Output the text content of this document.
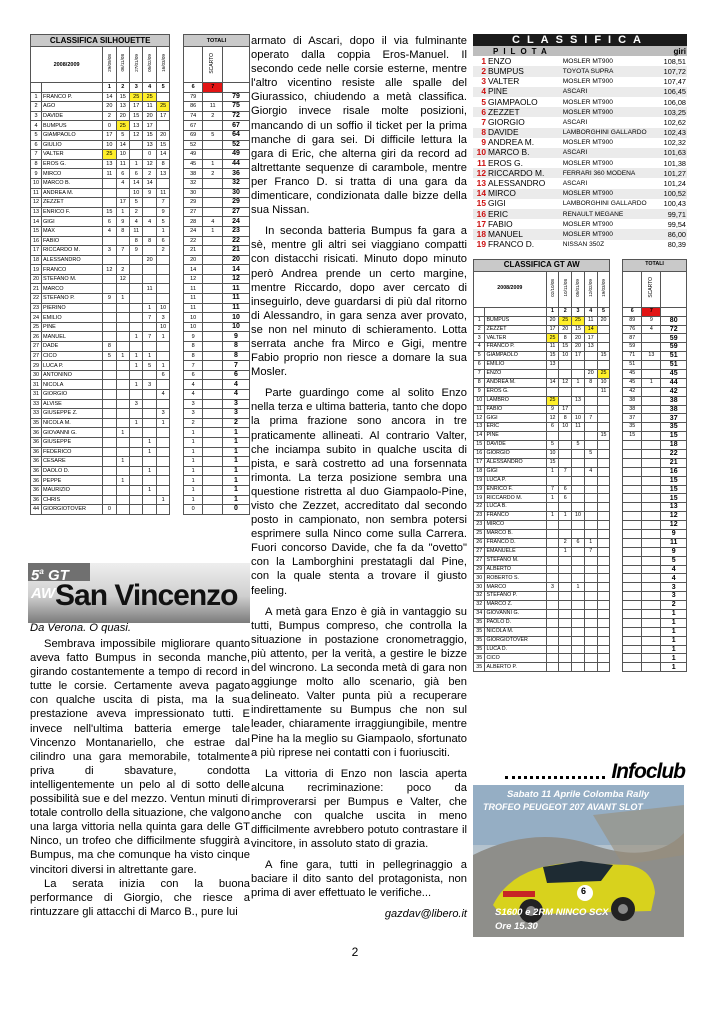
CLASSIFICA SILHOUETTE								TOTALI		
2008/2009		29/09/08	06/11/08	27/01/09	05/02/09	16/03/09			SCARTO	

	1	2	3	4	5		6	7	
1	FRANCO P.	14	15	25	25			79		79
2	AGO	20	13	17	11	25		86	11	75
3	DAVIDE	2	20	15	20	17		74	2	72
4	BUMPUS	0	25	13	17			67		67
5	GIAMPAOLO	17	5	12	15	20		69	5	64
6	GIULIO	10	14		13	15		52		52
7	VALTER	25	10		0	14		49		49
8	EROS G.	13	11	1	12	8		45	1	44
9	MIRCO	11	6	6	2	13		38	2	36
10	MARCO B.		4	14	14			32		32
11	ANDREA M.			10	9	11		30		30
12	ZEZZET		17	5		7		29		29
13	ENRICO F.	15	1	2		9		27		27
14	GIGI	6	9	4	4	5		28	4	24
15	MAX	4	8	11		1		24	1	23
16	FABIO			8	8	6		22		22
17	RICCARDO M.	3	7	9		2		21		21
18	ALESSANDRO				20			20		20
19	FRANCO	12	2					14		14
20	STEFANO M.		12					12		12
21	MARCO				11			11		11
22	STEFANO P.	9	1					11		11
23	PIERINO				1	10		11		11
24	EMILIO				7	3		10		10
25	PINE					10		10		10
26	MANUEL			1	7	1		9		9
27	DADE	8						8		8
27	CICO	5	1	1	1			8		8
29	LUCA P.			1	5	1		7		7
30	ANTONINO					6		6		6
31	NICOLA			1	3			4		4
31	GIORGIO					4		4		4
33	ALVISE			3				3		3
33	GIUSEPPE Z.					3		3		3
35	NICOLA M.			1		1		2		2
36	GIOVANNI G.		1					1		1
36	GIUSEPPE				1			1		1
36	FEDERICO				1			1		1
36	CESARE		1					1		1
36	DAOLO D.				1			1		1
36	PEPPE		1					1		1
36	MAURIZIO				1			1		1
36	CHRIS					1		1		1
44	GIORGIOTOVER	0						0		0
5$^a$ GT AW San Vincenzo
Da Verona. O quasi.

Sembrava impossibile migliorare quanto aveva fatto Bumpus in seconda manche, girando costantemente a tempo di record in tutte le corsie. Certamente aveva pagato con qualche uscita di pista, ma la sua prestazione aveva impressionato tutti. E invece nell'ultima batteria emerge tale Vincenzo Montanariello, che estrae dal cilindro una gara memorabile, totalmente priva di sbavature, condotta intelligentemente un pelo al di sotto delle possibilità sue e del mezzo. Ventun minuti di totale controllo della situazione, che valgono una larga vittoria nella quinta gara delle GT Ninco, un trofeo che difficilmente sfuggirà a Bumpus, ma che comunque ha visto cinque vincitori diversi in altrettante gare.

La serata inizia con la buona performance di Giorgio, che riesce a rintuzzare gli attacchi di Marco B., pure lui

armato di Ascari, dopo il via fulminante operato dalla coppia Eros-Manuel. Il secondo cede nelle corsie esterne, mentre l'altro vicentino resiste alle spalle del Giurassico, chiudendo a metà classifica. Giorgio invece risale molte posizioni, mancando di un soffio il ticket per la prima manche di gara sei. Di difficile lettura la gara di Eric, che alterna giri da record ad altrettante sequenze di carambole, mentre per Franco D. si tratta di una gara da dimenticare, condizionata dalle bizze della sua Nissan.

In seconda batteria Bumpus fa gara a sè, mentre gli altri sei viaggiano compatti con distacchi risicati. Minuto dopo minuto però Andrea prende un certo margine, mentre Riccardo, dopo aver cercato di inseguirlo, deve guardarsi di più dal ritorno di Alessandro, in gara senza aver provato, se non nel minuto di schieramento. Lotta serrata anche fra Mirco e Gigi, mentre Fabio proprio non riesce a domare la sua Mosler.

Parte guardingo come al solito Enzo nella terza e ultima batteria, tanto che dopo la prima frazione sono ancora in tre praticamente allineati. Al contrario Valter, che inciampa subito in qualche uscita di pista, e sarà costretto ad una forsennata rimonta. La terza posizione sembra una questione ristretta al duo Giampaolo-Pine, visto che Zezzet, accreditato dal secondo posto in campionato, non sembra potersi esprimere sulla Ninco come sulla Carrera. Fuori concorso Davide, che fa da "ovetto" con la Lamborghini prestatagli dal Pine, con la quale stenta a trovare il giusto feeling.

A metà gara Enzo è già in vantaggio su tutti, Bumpus compreso, che controlla la situazione in postazione cronometraggio, più attento, per la verità, a gestire le bizze del wincrono. La seconda metà di gara non aggiunge molto allo scenario, già ben delineato. Valter punta più a recuperare indirettamente su Bumpus che non sul leader, chiaramente irraggiungibile, mentre Pine ha la meglio su Giampaolo, sfortunato a più riprese nei contatti con i fuoriusciti.

La vittoria di Enzo non lascia aperta alcuna recriminazione: poco da rimproverarsi per Bumpus e Valter, che anche con qualche uscita in meno difficilmente avrebbero potuto contrastare il vincitore, in assoluto stato di grazia.

A fine gara, tutti in pellegrinaggio a baciare il dito santo del protagonista, non prima di aver effettuato le verifiche...

gazdav@libero.it
CLASSIFICA
PILOTA			giri
1	ENZO	MOSLER MT900	108,51
2	BUMPUS	TOYOTA SUPRA	107,72
3	VALTER	MOSLER MT900	107,47
4	PINE	ASCARI	106,45
5	GIAMPAOLO	MOSLER MT900	106,08
6	ZEZZET	MOSLER MT900	103,25
7	GIORGIO	ASCARI	102,62
8	DAVIDE	LAMBORGHINI GALLARDO	102,43
9	ANDREA M.	MOSLER MT900	102,32
10	MARCO B.	ASCARI	101,63
11	EROS G.	MOSLER MT900	101,38
12	RICCARDO M.	FERRARI 360 MODENA	101,27
13	ALESSANDRO	ASCARI	101,24
14	MIRCO	MOSLER MT900	100,52
15	GIGI	LAMBORGHINI GALLARDO	100,43
16	ERIC	RENAULT MEGANE	99,71
17	FABIO	MOSLER MT900	99,54
18	MANUEL	MOSLER MT900	86,00
19	FRANCO D.	NISSAN 350Z	80,39
CLASSIFICA GT AW								TOTALI		
2008/2009		02/10/08	10/11/08	05/01/09	12/02/09	19/03/09			SCARTO	

	1	2	3	4	5		6	7	
1	BUMPUS	20	25	25	11	20		89	9	80
2	ZEZZET	17	20	15	14			76	4	72
3	VALTER	25	8	20	17			87		59
4	FRANCO P.	11	15	20	13			59		59
5	GIAMPAOLO	15	10	17		15		71	13	51
6	EMILIO	13						51		51
7	ENZO				20	25		45		45
8	ANDREA M.	14	12	1	8	10		45	1	44
9	EROS G.					11		42		42
10	LAMBRO	25		13				38		38
11	FABIO	9	17					38		38
12	GIGI	12	8	10	7			37		37
13	ERIC	6	10	11				35		35
14	PINE					15		15		15
15	DAVIDE	5		5						18
16	GIORGIO	10			5					22
17	ALESSANDRO	15								21
18	GIGI	1	7		4					16
19	LUCA P.									15
19	ENRICO F.	7	6							15
19	RICCARDO M.	1	6							15
22	LUCA B.									13
23	FRANCO	1	1	10						12
23	MIRCO									12
25	MARCO B.									9
26	FRANCO D.		2	6	1					11
27	EMANUELE		1		7					9
27	STEFANO M.									5
29	ALBERTO									4
30	ROBERTO S.									4
30	MARCO	3		1						3
32	STEFANO P.									3
32	MARCO Z.									2
34	GIOVANNI G.									1
35	PAOLO D.									1
35	NICOLA M.									1
35	GIORGIOTOVER									1
35	LUCA D.									1
35	CICO									1
35	ALBERTO P.									1
Infoclub
6
Sabato 11 Aprile Colomba Rally
TROFEO PEUGEOT 207 AVANT SLOT
S1600 e 2RM NINCO SCX
Ore 15.30
2
